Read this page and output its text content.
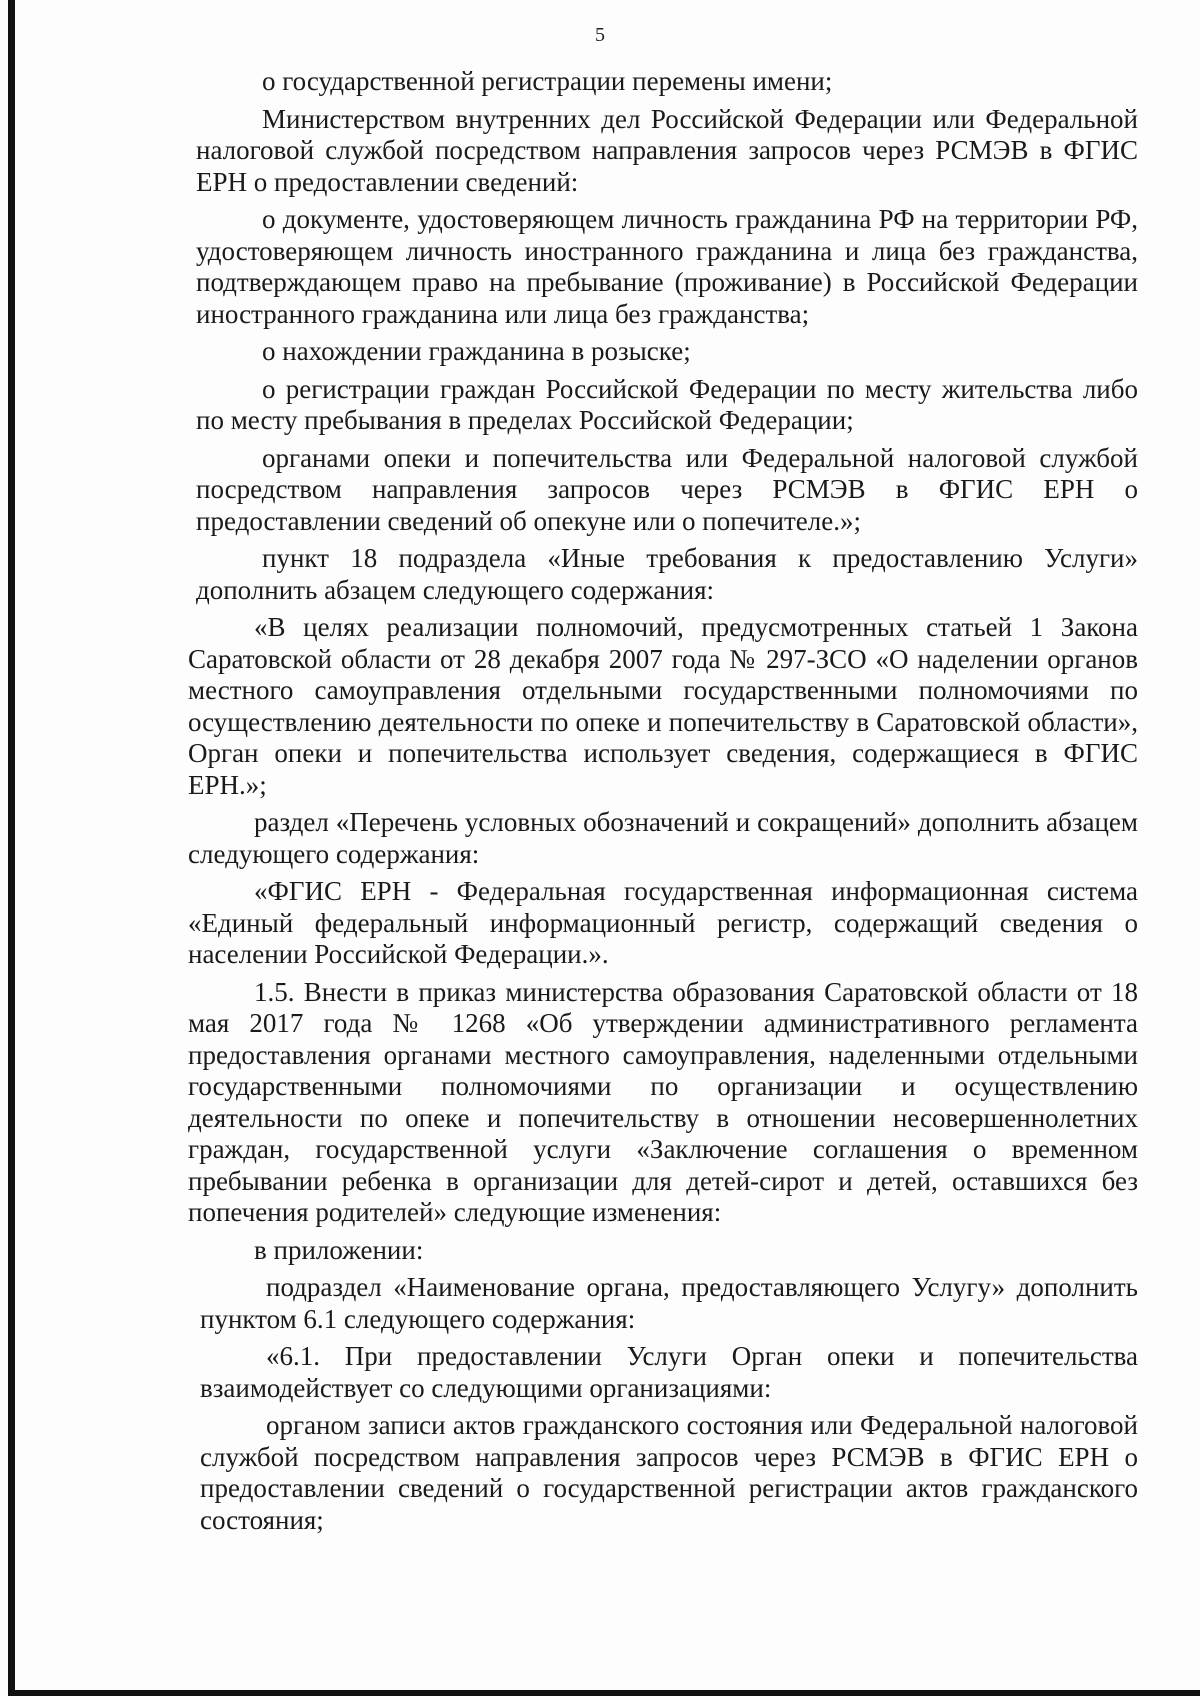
5

о государственной регистрации перемены имени;

Министерством внутренних дел Российской Федерации или Федеральной налоговой службой посредством направления запросов через РСМЭВ в ФГИС ЕРН о предоставлении сведений:

о документе, удостоверяющем личность гражданина РФ на территории РФ, удостоверяющем личность иностранного гражданина и лица без гражданства, подтверждающем право на пребывание (проживание) в Российской Федерации иностранного гражданина или лица без гражданства;

о нахождении гражданина в розыске;

о регистрации граждан Российской Федерации по месту жительства либо по месту пребывания в пределах Российской Федерации;

органами опеки и попечительства или Федеральной налоговой службой посредством направления запросов через РСМЭВ в ФГИС ЕРН о предоставлении сведений об опекуне или о попечителе.»;

пункт 18 подраздела «Иные требования к предоставлению Услуги» дополнить абзацем следующего содержания:

«В целях реализации полномочий, предусмотренных статьей 1 Закона Саратовской области от 28 декабря 2007 года № 297-ЗСО «О наделении органов местного самоуправления отдельными государственными полномочиями по осуществлению деятельности по опеке и попечительству в Саратовской области», Орган опеки и попечительства использует сведения, содержащиеся в ФГИС ЕРН.»;

раздел «Перечень условных обозначений и сокращений» дополнить абзацем следующего содержания:

«ФГИС ЕРН - Федеральная государственная информационная система «Единый федеральный информационный регистр, содержащий сведения о населении Российской Федерации.».

1.5. Внести в приказ министерства образования Саратовской области от 18 мая 2017 года № 1268 «Об утверждении административного регламента предоставления органами местного самоуправления, наделенными отдельными государственными полномочиями по организации и осуществлению деятельности по опеке и попечительству в отношении несовершеннолетних граждан, государственной услуги «Заключение соглашения о временном пребывании ребенка в организации для детей-сирот и детей, оставшихся без попечения родителей» следующие изменения:

в приложении:

подраздел «Наименование органа, предоставляющего Услугу» дополнить пунктом 6.1 следующего содержания:

«6.1. При предоставлении Услуги Орган опеки и попечительства взаимодействует со следующими организациями:

органом записи актов гражданского состояния или Федеральной налоговой службой посредством направления запросов через РСМЭВ в ФГИС ЕРН о предоставлении сведений о государственной регистрации актов гражданского состояния;
